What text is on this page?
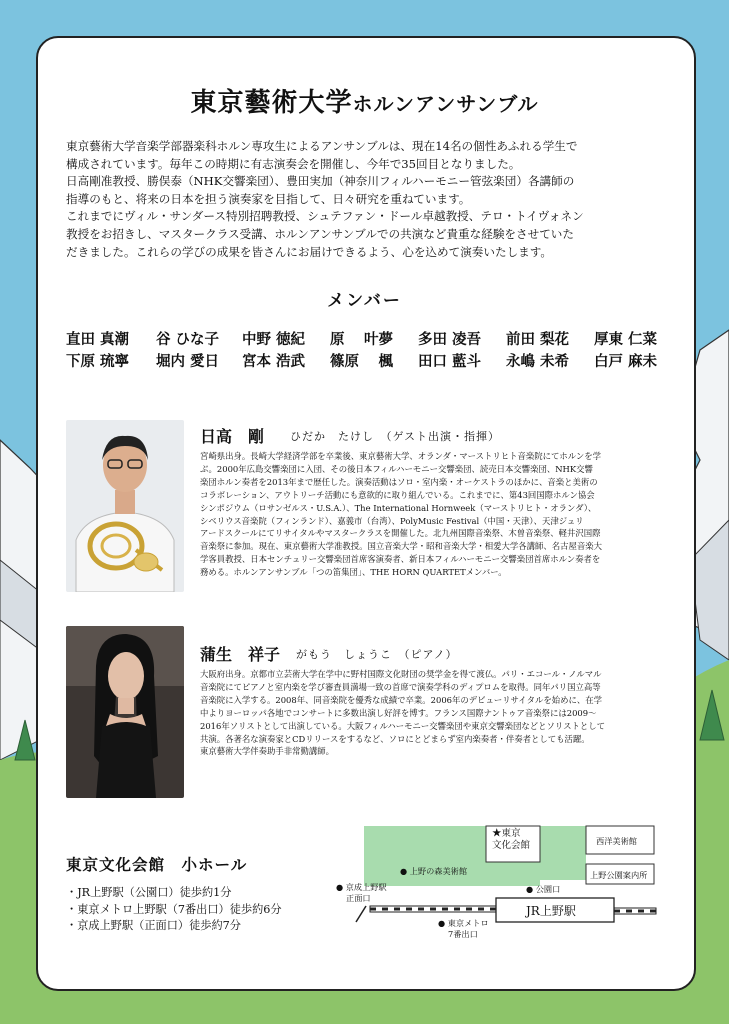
東京藝術大学ホルンアンサンブル

東京藝術大学音楽学部器楽科ホルン専攻生によるアンサンブルは、現在14名の個性あふれる学生で

構成されています。毎年この時期に有志演奏会を開催し、今年で35回目となりました。

日高剛准教授、勝俣泰（NHK交響楽団）、豊田実加（神奈川フィルハーモニー管弦楽団）各講師の

指導のもと、将来の日本を担う演奏家を目指して、日々研究を重ねています。

これまでにヴィル・サンダース特別招聘教授、シュテファン・ドール卓越教授、テロ・トイヴォネン

教授をお招きし、マスタークラス受講、ホルンアンサンブルでの共演など貴重な経験をさせていた

だきました。これらの学びの成果を皆さんにお届けできるよう、心を込めて演奏いたします。

メンバー
直田 真潮 谷 ひな子 中野 徳紀 原　 叶夢 多田 凌吾 前田 梨花 厚東 仁菜
下原 琉寧 堀内 愛日 宮本 浩武 篠原　 楓 田口 藍斗 永嶋 未希 白戸 麻未
日高　剛 ひだか　たけし　（ゲスト出演・指揮）

宮崎県出身。長崎大学経済学部を卒業後、東京藝術大学、オランダ・マーストリヒト音楽院にてホルンを学

ぶ。2000年広島交響楽団に入団、その後日本フィルハーモニー交響楽団、読売日本交響楽団、NHK交響

楽団ホルン奏者を2013年まで歴任した。演奏活動はソロ・室内楽・オーケストラのほかに、音楽と美術の

コラボレーション、アウトリーチ活動にも意欲的に取り組んでいる。これまでに、第43回国際ホルン協会

シンポジウム（ロサンゼルス・U.S.A.）、The International Hornweek（マーストリヒト・オランダ）、

シベリウス音楽院（フィンランド）、嘉義市（台湾）、PolyMusic Festival（中国・天津）、天津ジュリ

アードスクールにてリサイタルやマスタークラスを開催した。北九州国際音楽祭、木曽音楽祭、軽井沢国際

音楽祭に参加。現在、東京藝術大学准教授。国立音楽大学・昭和音楽大学・相愛大学各講師、名古屋音楽大

学客員教授、日本センチュリー交響楽団首席客演奏者、新日本フィルハーモニー交響楽団首席ホルン奏者を

務める。ホルンアンサンブル「つの笛集団」、THE HORN QUARTETメンバー。

蒲生　祥子 がもう　しょうこ　（ピアノ）

大阪府出身。京都市立芸術大学在学中に野村国際文化財団の奨学金を得て渡仏。パリ・エコール・ノルマル

音楽院にてピアノと室内楽を学び審査員満場一致の首席で演奏学科のディプロムを取得。同年パリ国立高等

音楽院に入学する。2008年、同音楽院を優秀な成績で卒業。2006年のデビューリサイタルを始めに、在学

中よりヨーロッパ各地でコンサートに多数出演し好評を博す。フランス国際ナントゥア音楽祭には2009～

2016年ソリストとして出演している。大阪フィルハーモニー交響楽団や東京交響楽団などとソリストとして

共演。各著名な演奏家とCDリリースをするなど、ソロにとどまらず室内楽奏者・伴奏者としても活躍。

東京藝術大学伴奏助手非常勤講師。

東京文化会館　小ホール
・JR上野駅（公園口）徒歩約1分
・東京メトロ上野駅（7番出口）徒歩約6分
・京成上野駅（正面口）徒歩約7分
★東京
文化会館	西洋美術館
上野公園案内所
● 上野の森美術館
● 公園口
● 京成上野駅
正面口
JR上野駅
● 東京メトロ
7番出口
